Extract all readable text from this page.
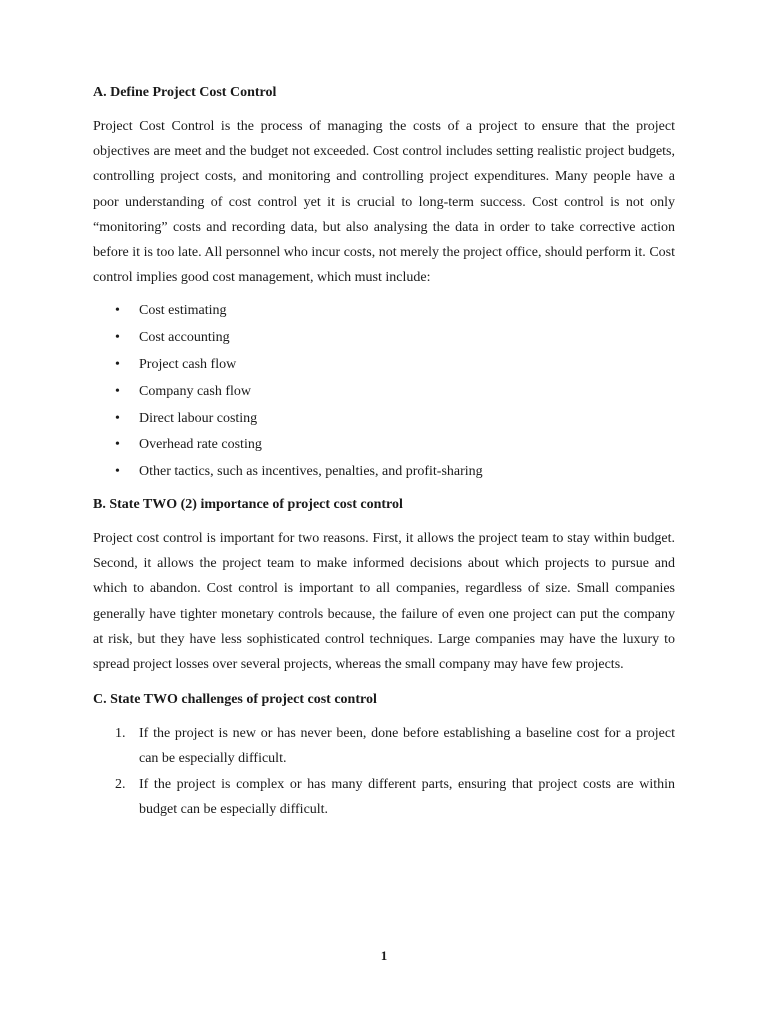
A. Define Project Cost Control

Project Cost Control is the process of managing the costs of a project to ensure that the project objectives are meet and the budget not exceeded. Cost control includes setting realistic project budgets, controlling project costs, and monitoring and controlling project expenditures. Many people have a poor understanding of cost control yet it is crucial to long-term success. Cost control is not only “monitoring” costs and recording data, but also analysing the data in order to take corrective action before it is too late. All personnel who incur costs, not merely the project office, should perform it. Cost control implies good cost management, which must include:

• Cost estimating
• Cost accounting
• Project cash flow
• Company cash flow
• Direct labour costing
• Overhead rate costing
• Other tactics, such as incentives, penalties, and profit-sharing
B. State TWO (2) importance of project cost control

Project cost control is important for two reasons. First, it allows the project team to stay within budget. Second, it allows the project team to make informed decisions about which projects to pursue and which to abandon. Cost control is important to all companies, regardless of size. Small companies generally have tighter monetary controls because, the failure of even one project can put the company at risk, but they have less sophisticated control techniques. Large companies may have the luxury to spread project losses over several projects, whereas the small company may have few projects.

C. State TWO challenges of project cost control
1. If the project is new or has never been, done before establishing a baseline cost for a project can be especially difficult.
2. If the project is complex or has many different parts, ensuring that project costs are within budget can be especially difficult.
1
